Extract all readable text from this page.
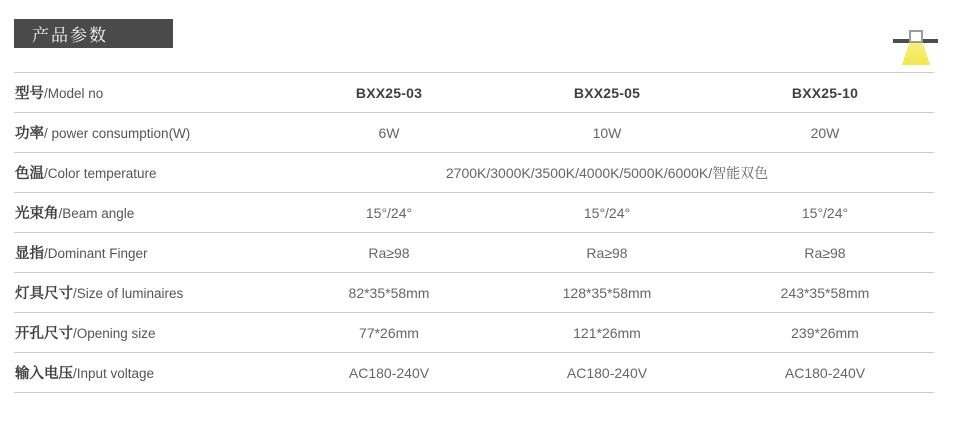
产品参数
型号/Model no	BXX25-03	BXX25-05	BXX25-10
功率/ power consumption(W)	6W	10W	20W
色温/Color temperature	2700K/3000K/3500K/4000K/5000K/6000K/智能双色
光束角/Beam angle	15°/24°	15°/24°	15°/24°
显指/Dominant Finger	Ra≥98	Ra≥98	Ra≥98
灯具尺寸/Size of luminaires	82*35*58mm	128*35*58mm	243*35*58mm
开孔尺寸/Opening size	77*26mm	121*26mm	239*26mm
输入电压/Input voltage	AC180-240V	AC180-240V	AC180-240V
